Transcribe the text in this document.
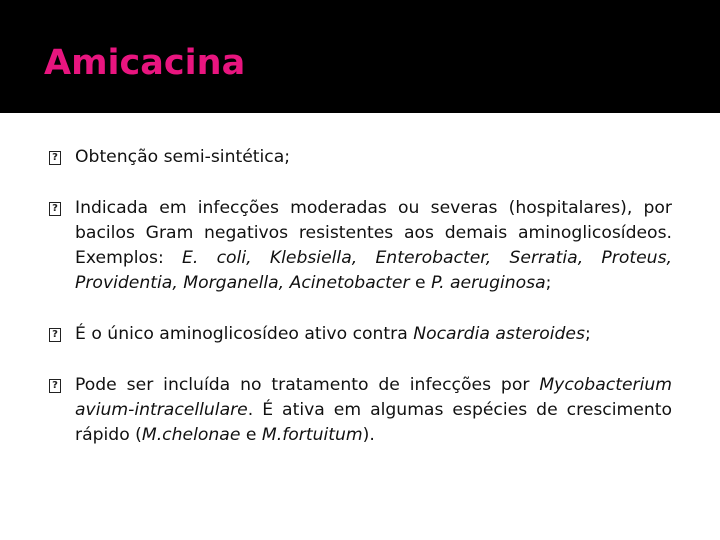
Amicacina
?
Obtenção semi-sintética;
?
Indicada em infecções moderadas ou severas (hospitalares), por bacilos Gram negativos resistentes aos demais aminoglicosídeos. Exemplos: E. coli, Klebsiella, Enterobacter, Serratia, Proteus, Providentia, Morganella, Acinetobacter e P. aeruginosa;
?
É o único aminoglicosídeo ativo contra Nocardia asteroides;
?
Pode ser incluída no tratamento de infecções por Mycobacterium avium-intracellulare. É ativa em algumas espécies de crescimento rápido (M.chelonae e M.fortuitum).
